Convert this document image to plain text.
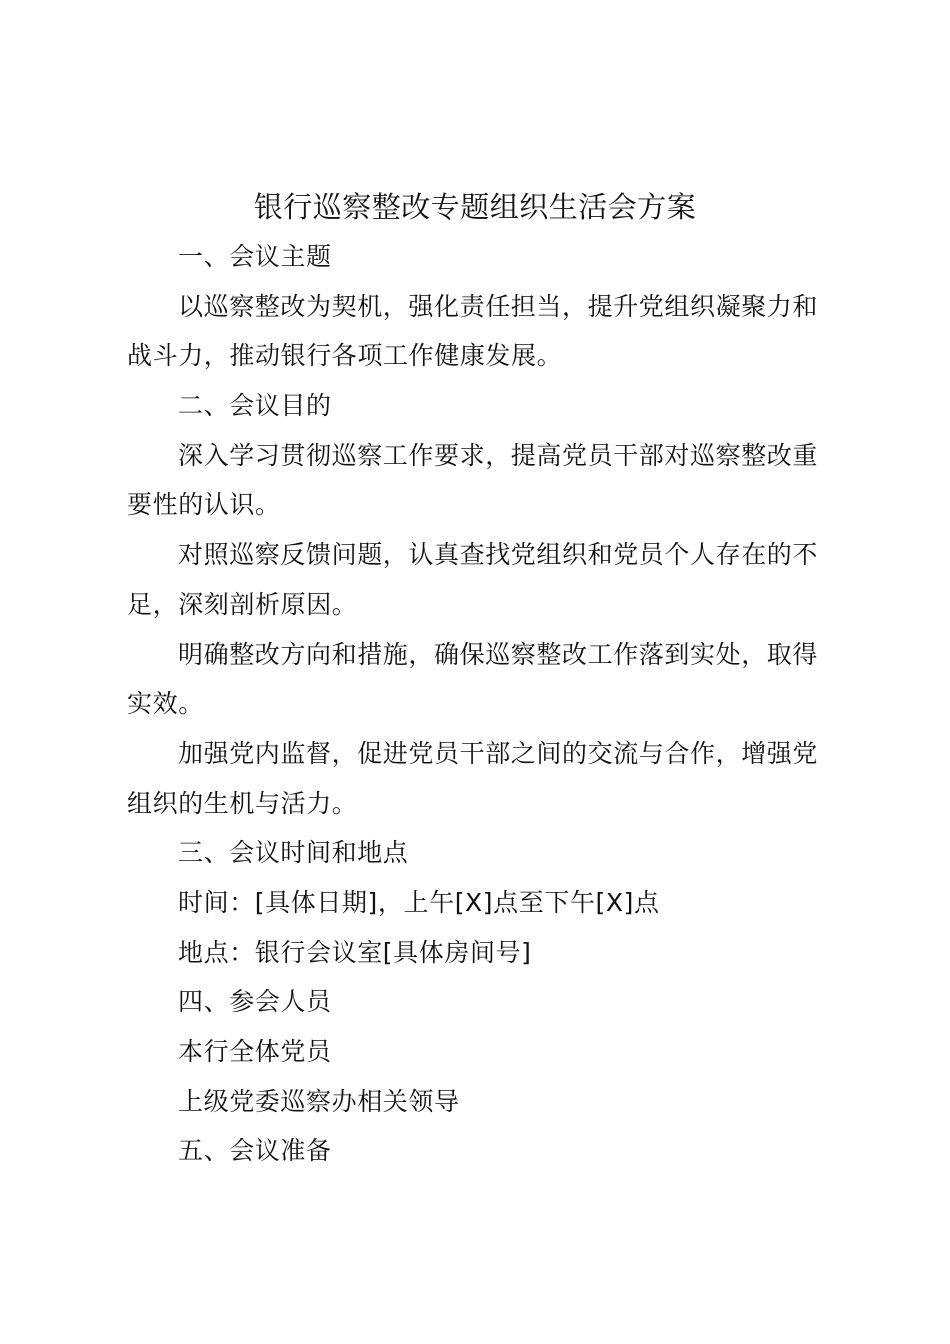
银行巡察整改专题组织生活会方案
一、会议主题
以巡察整改为契机，强化责任担当，提升党组织凝聚力和
战斗力，推动银行各项工作健康发展。
二、会议目的
深入学习贯彻巡察工作要求，提高党员干部对巡察整改重
要性的认识。
对照巡察反馈问题，认真查找党组织和党员个人存在的不
足，深刻剖析原因。
明确整改方向和措施，确保巡察整改工作落到实处，取得
实效。
加强党内监督，促进党员干部之间的交流与合作，增强党
组织的生机与活力。
三、会议时间和地点
时间：[具体日期]，上午[X]点至下午[X]点
地点：银行会议室[具体房间号]
四、参会人员
本行全体党员
上级党委巡察办相关领导
五、会议准备
